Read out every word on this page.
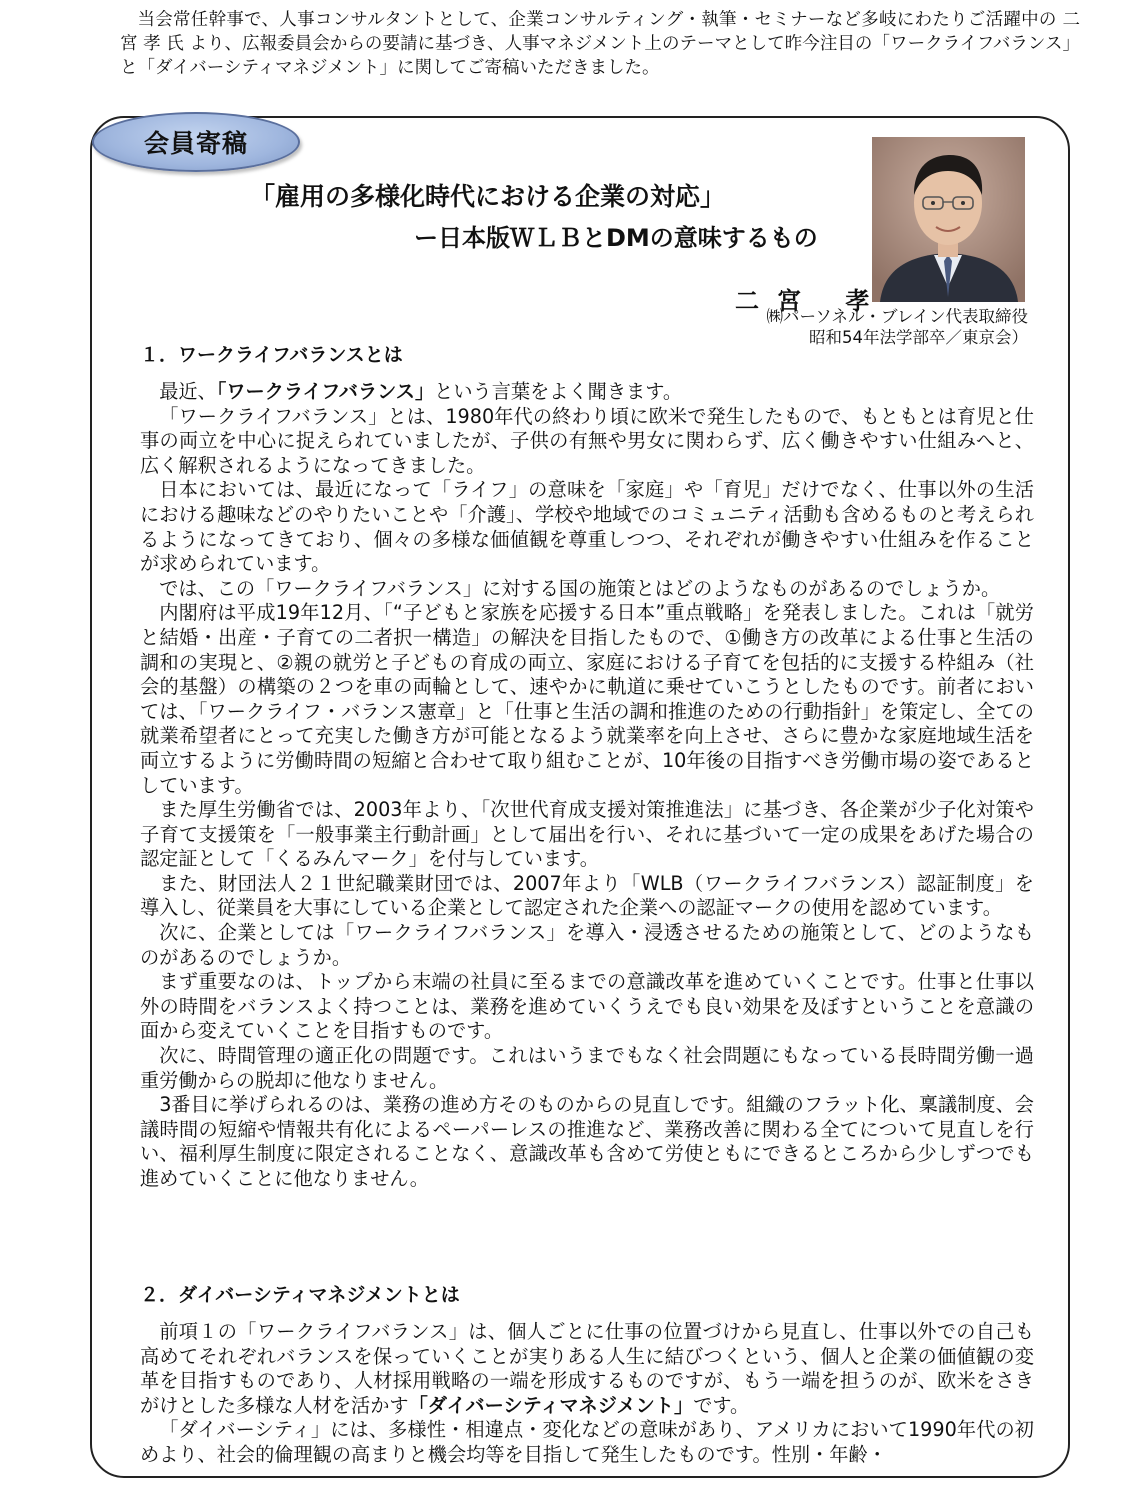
当会常任幹事で、人事コンサルタントとして、企業コンサルティング・執筆・セミナーなど多岐にわたりご活躍中の 二宮 孝 氏 より、広報委員会からの要請に基づき、人事マネジメント上のテーマとして昨今注目の「ワークライフバランス」と「ダイバーシティマネジメント」に関してご寄稿いただきました。

会員寄稿
「雇用の多様化時代における企業の対応」
ー日本版ＷＬＢとDMの意味するもの
二宮 孝
㈱パーソネル・ブレイン代表取締役
昭和54年法学部卒／東京会）
１．ワークライフバランスとは

最近、「ワークライフバランス」という言葉をよく聞きます。

「ワークライフバランス」とは、1980年代の終わり頃に欧米で発生したもので、もともとは育児と仕事の両立を中心に捉えられていましたが、子供の有無や男女に関わらず、広く働きやすい仕組みへと、広く解釈されるようになってきました。

日本においては、最近になって「ライフ」の意味を「家庭」や「育児」だけでなく、仕事以外の生活における趣味などのやりたいことや「介護」、学校や地域でのコミュニティ活動も含めるものと考えられるようになってきており、個々の多様な価値観を尊重しつつ、それぞれが働きやすい仕組みを作ることが求められています。

では、この「ワークライフバランス」に対する国の施策とはどのようなものがあるのでしょうか。

内閣府は平成19年12月、「“子どもと家族を応援する日本”重点戦略」を発表しました。これは「就労と結婚・出産・子育ての二者択一構造」の解決を目指したもので、①働き方の改革による仕事と生活の調和の実現と、②親の就労と子どもの育成の両立、家庭における子育てを包括的に支援する枠組み（社会的基盤）の構築の２つを車の両輪として、速やかに軌道に乗せていこうとしたものです。前者においては、「ワークライフ・バランス憲章」と「仕事と生活の調和推進のための行動指針」を策定し、全ての就業希望者にとって充実した働き方が可能となるよう就業率を向上させ、さらに豊かな家庭地域生活を両立するように労働時間の短縮と合わせて取り組むことが、10年後の目指すべき労働市場の姿であるとしています。

また厚生労働省では、2003年より、「次世代育成支援対策推進法」に基づき、各企業が少子化対策や子育て支援策を「一般事業主行動計画」として届出を行い、それに基づいて一定の成果をあげた場合の認定証として「くるみんマーク」を付与しています。

また、財団法人２１世紀職業財団では、2007年より「WLB（ワークライフバランス）認証制度」を導入し、従業員を大事にしている企業として認定された企業への認証マークの使用を認めています。

次に、企業としては「ワークライフバランス」を導入・浸透させるための施策として、どのようなものがあるのでしょうか。

まず重要なのは、トップから末端の社員に至るまでの意識改革を進めていくことです。仕事と仕事以外の時間をバランスよく持つことは、業務を進めていくうえでも良い効果を及ぼすということを意識の面から変えていくことを目指すものです。

次に、時間管理の適正化の問題です。これはいうまでもなく社会問題にもなっている長時間労働一過重労働からの脱却に他なりません。

3番目に挙げられるのは、業務の進め方そのものからの見直しです。組織のフラット化、稟議制度、会議時間の短縮や情報共有化によるペーパーレスの推進など、業務改善に関わる全てについて見直しを行い、福利厚生制度に限定されることなく、意識改革も含めて労使ともにできるところから少しずつでも進めていくことに他なりません。

２．ダイバーシティマネジメントとは

前項１の「ワークライフバランス」は、個人ごとに仕事の位置づけから見直し、仕事以外での自己も高めてそれぞれバランスを保っていくことが実りある人生に結びつくという、個人と企業の価値観の変革を目指すものであり、人材採用戦略の一端を形成するものですが、もう一端を担うのが、欧米をさきがけとした多様な人材を活かす「ダイバーシティマネジメント」です。

「ダイバーシティ」には、多様性・相違点・変化などの意味があり、アメリカにおいて1990年代の初めより、社会的倫理観の高まりと機会均等を目指して発生したものです。性別・年齢・
